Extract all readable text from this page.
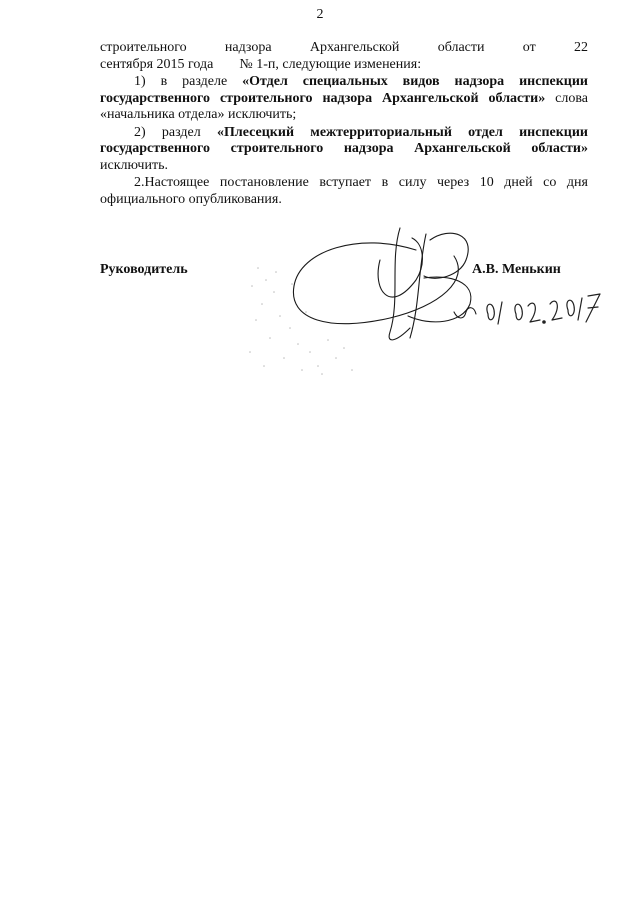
2
строительного	надзора	Архангельской	области	от	22
сентября 2015 года № 1-п, следующие изменения:

1) в разделе «Отдел специальных видов надзора инспекции государственного строительного надзора Архангельской области» слова «начальника отдела» исключить;

2) раздел «Плесецкий межтерриториальный отдел инспекции государственного строительного надзора Архангельской области» исключить.

2.Настоящее постановление вступает в силу через 10 дней со дня официального опубликования.

Руководитель	А.В. Менькин
